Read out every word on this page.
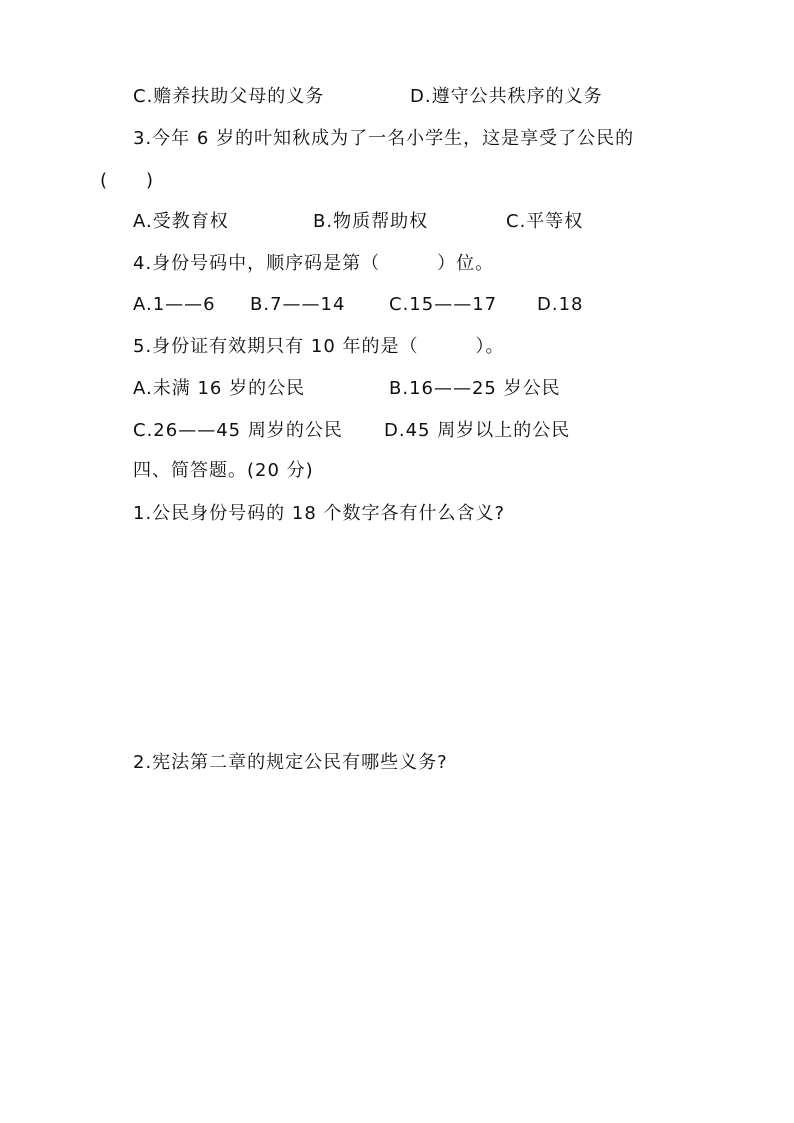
C.赡养扶助父母的义务	D.遵守公共秩序的义务
3.今年 6 岁的叶知秋成为了一名小学生，这是享受了公民的
(　　)
A.受教育权	B.物质帮助权	C.平等权
4.身份号码中，顺序码是第（　　　）位。
A.1——6 B.7——14 C.15——17 D.18
5.身份证有效期只有 10 年的是（　　　）。
A.未满 16 岁的公民	B.16——25 岁公民
C.26——45 周岁的公民 D.45 周岁以上的公民
四、简答题。(20 分)
1.公民身份号码的 18 个数字各有什么含义?
2.宪法第二章的规定公民有哪些义务?
